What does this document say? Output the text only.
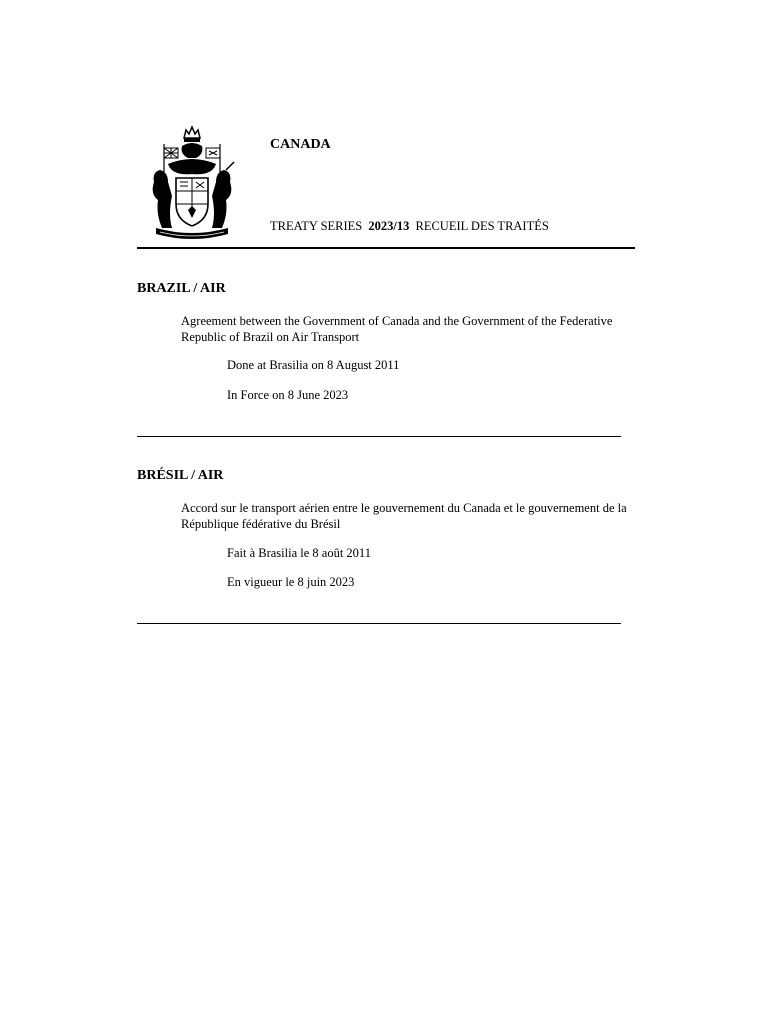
CANADA
TREATY SERIES 2023/13 RECUEIL DES TRAITÉS
BRAZIL / AIR
Agreement between the Government of Canada and the Government of the Federative Republic of Brazil on Air Transport
Done at Brasilia on 8 August 2011
In Force on 8 June 2023
BRÉSIL / AIR
Accord sur le transport aérien entre le gouvernement du Canada et le gouvernement de la République fédérative du Brésil
Fait à Brasilia le 8 août 2011
En vigueur le 8 juin 2023
